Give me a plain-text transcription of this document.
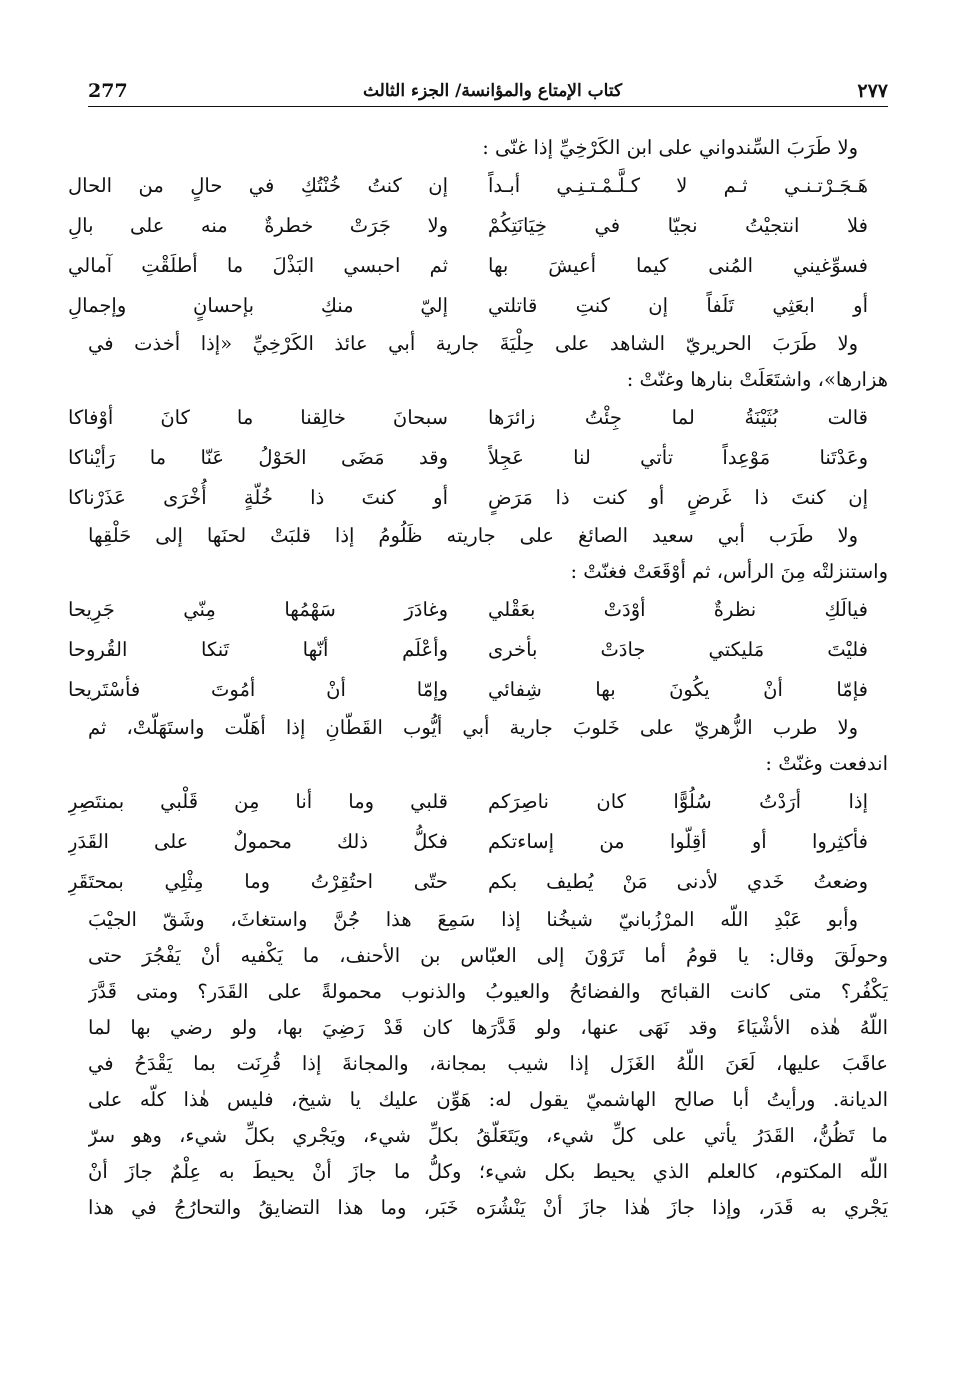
277	كتاب الإمتاع والمؤانسة/ الجزء الثالث	٢٧٧
ولا طَرَبَ السِّندواني على ابن الكَرْخِيِّ إذا غنّى :
هَـجَـرْتـنـي ثـم لا كـلَّـمْـتـنِـي أبـداً
إن كنتُ خُنْتُكِ في حالٍ من الحال
فلا انتجيْتُ نجيّا في خِيَانَتِكُمْ
ولا جَرَتْ خطرةٌ منه على بالِ
فسوِّغيني المُنى كيما أعيشَ بها
ثم احبسي البَذْلَ ما أطلَقْتِ آمالي
أو ابعَثِي تَلَفاً إن كنتِ قاتلتي
إليّ منكِ بإحسانٍ وإجمالِ
ولا طَرَبَ الحريريّ الشاهد على حِلْيَةَ جارية أبي عائذ الكَرْخِيِّ «إذا أخذت في
هزارها»، واشتَعَلَتْ بنارها وغنّتْ :
قالت بُثَيْنَةُ لما جِئْتُ زائرَها
سبحانَ خالِقنا ما كانَ أوْفاكا
وعَدْتَنا مَوْعِداً تأتي لنا عَجِلاً
وقد مَضَى الحَوْلُ عَنّا ما رَأيْناكا
إن كنتَ ذا غَرضٍ أو كنت ذا مَرَضٍ
أو كنتَ ذا خُلّةٍ أُخْرَى عَذَرْناكا
ولا طَرَب أبي سعيد الصائغ على جاريته ظَلُومُ إذا قلبَتْ لحنَها إلى حَلْقِها
واستنزلتْه مِنَ الرأس، ثم أوْقَعَتْ فغنّتْ :
فيالَكِ نظرةٌ أوْدَتْ بعَقْلي
وغادَرَ سَهْمُها مِنّي جَرِيحا
فليْتَ مَليكتي جادَتْ بأخرى
وأعْلَم أنّها تَنكا القُروحا
فإمّا أنْ يكُونَ بها شِفائي
وإمّا أنْ أمُوتَ فأسْتَريحا
ولا طرب الزُّهريّ على خَلوبَ جارية أبي أيُّوب القَطّانِ إذا أهَلّت واستَهَلّتْ، ثم
اندفعت وغنّتْ :
إذا أرَدْتُ سُلُوًّا كان ناصِرَكم
قلبي وما أنا مِن قَلْبي بمنتَصِرِ
فأكثِروا أو أقِلّوا من إساءتكم
فكلُّ ذلك محمولٌ على القَدَرِ
وضعتُ خَدي لأدنى مَنْ يُطيف بكم
حتّى احتُقِرْتُ وما مِثْلِي بمحتَقَرِ
وأبو عَبْدِ اللّه المرْزُبانيّ شيخُنا إذا سَمِعَ هذا جُنَّ واستغاثَ، وشَقّ الجيْبَ
وحولَقَ وقال: يا قومُ أما تَرَوْنَ إلى العبّاس بن الأحنف، ما يَكْفيه أنْ يَفْجُرَ حتى
يَكْفُر؟ متى كانت القبائح والفضائحُ والعيوبُ والذنوب محمولةً على القَدَر؟ ومتى قَدَّرَ
اللّهُ هٰذه الأشْيَاءَ وقد نَهَى عنها، ولو قَدَّرَها كان قَدْ رَضِيَ بها، ولو رضي بها لما
عاقَبَ عليها، لَعَنَ اللّهُ الغَزَل إذا شيب بمجانة، والمجانةَ إذا قُرِنَت بما يَقْدَحُ في
الديانة. ورأيتُ أبا صالح الهاشميّ يقول له: هَوِّن عليك يا شيخ، فليس هٰذا كلّه على
ما تَظُنُّ، القَدَرُ يأتي على كلِّ شيء، ويَتَعَلّقُ بكلِّ شيء، ويَجْري بكلِّ شيء، وهو سرّ
اللّه المكتوم، كالعلم الذي يحيط بكل شيء؛ وكلُّ ما جازَ أنْ يحيطَ به عِلْمٌ جازَ أنْ
يَجْري به قَدَر، وإذا جازَ هٰذا جازَ أنْ يَنْشُرَه خَبَر، وما هذا التضايقُ والتحارُجُ في هذا
